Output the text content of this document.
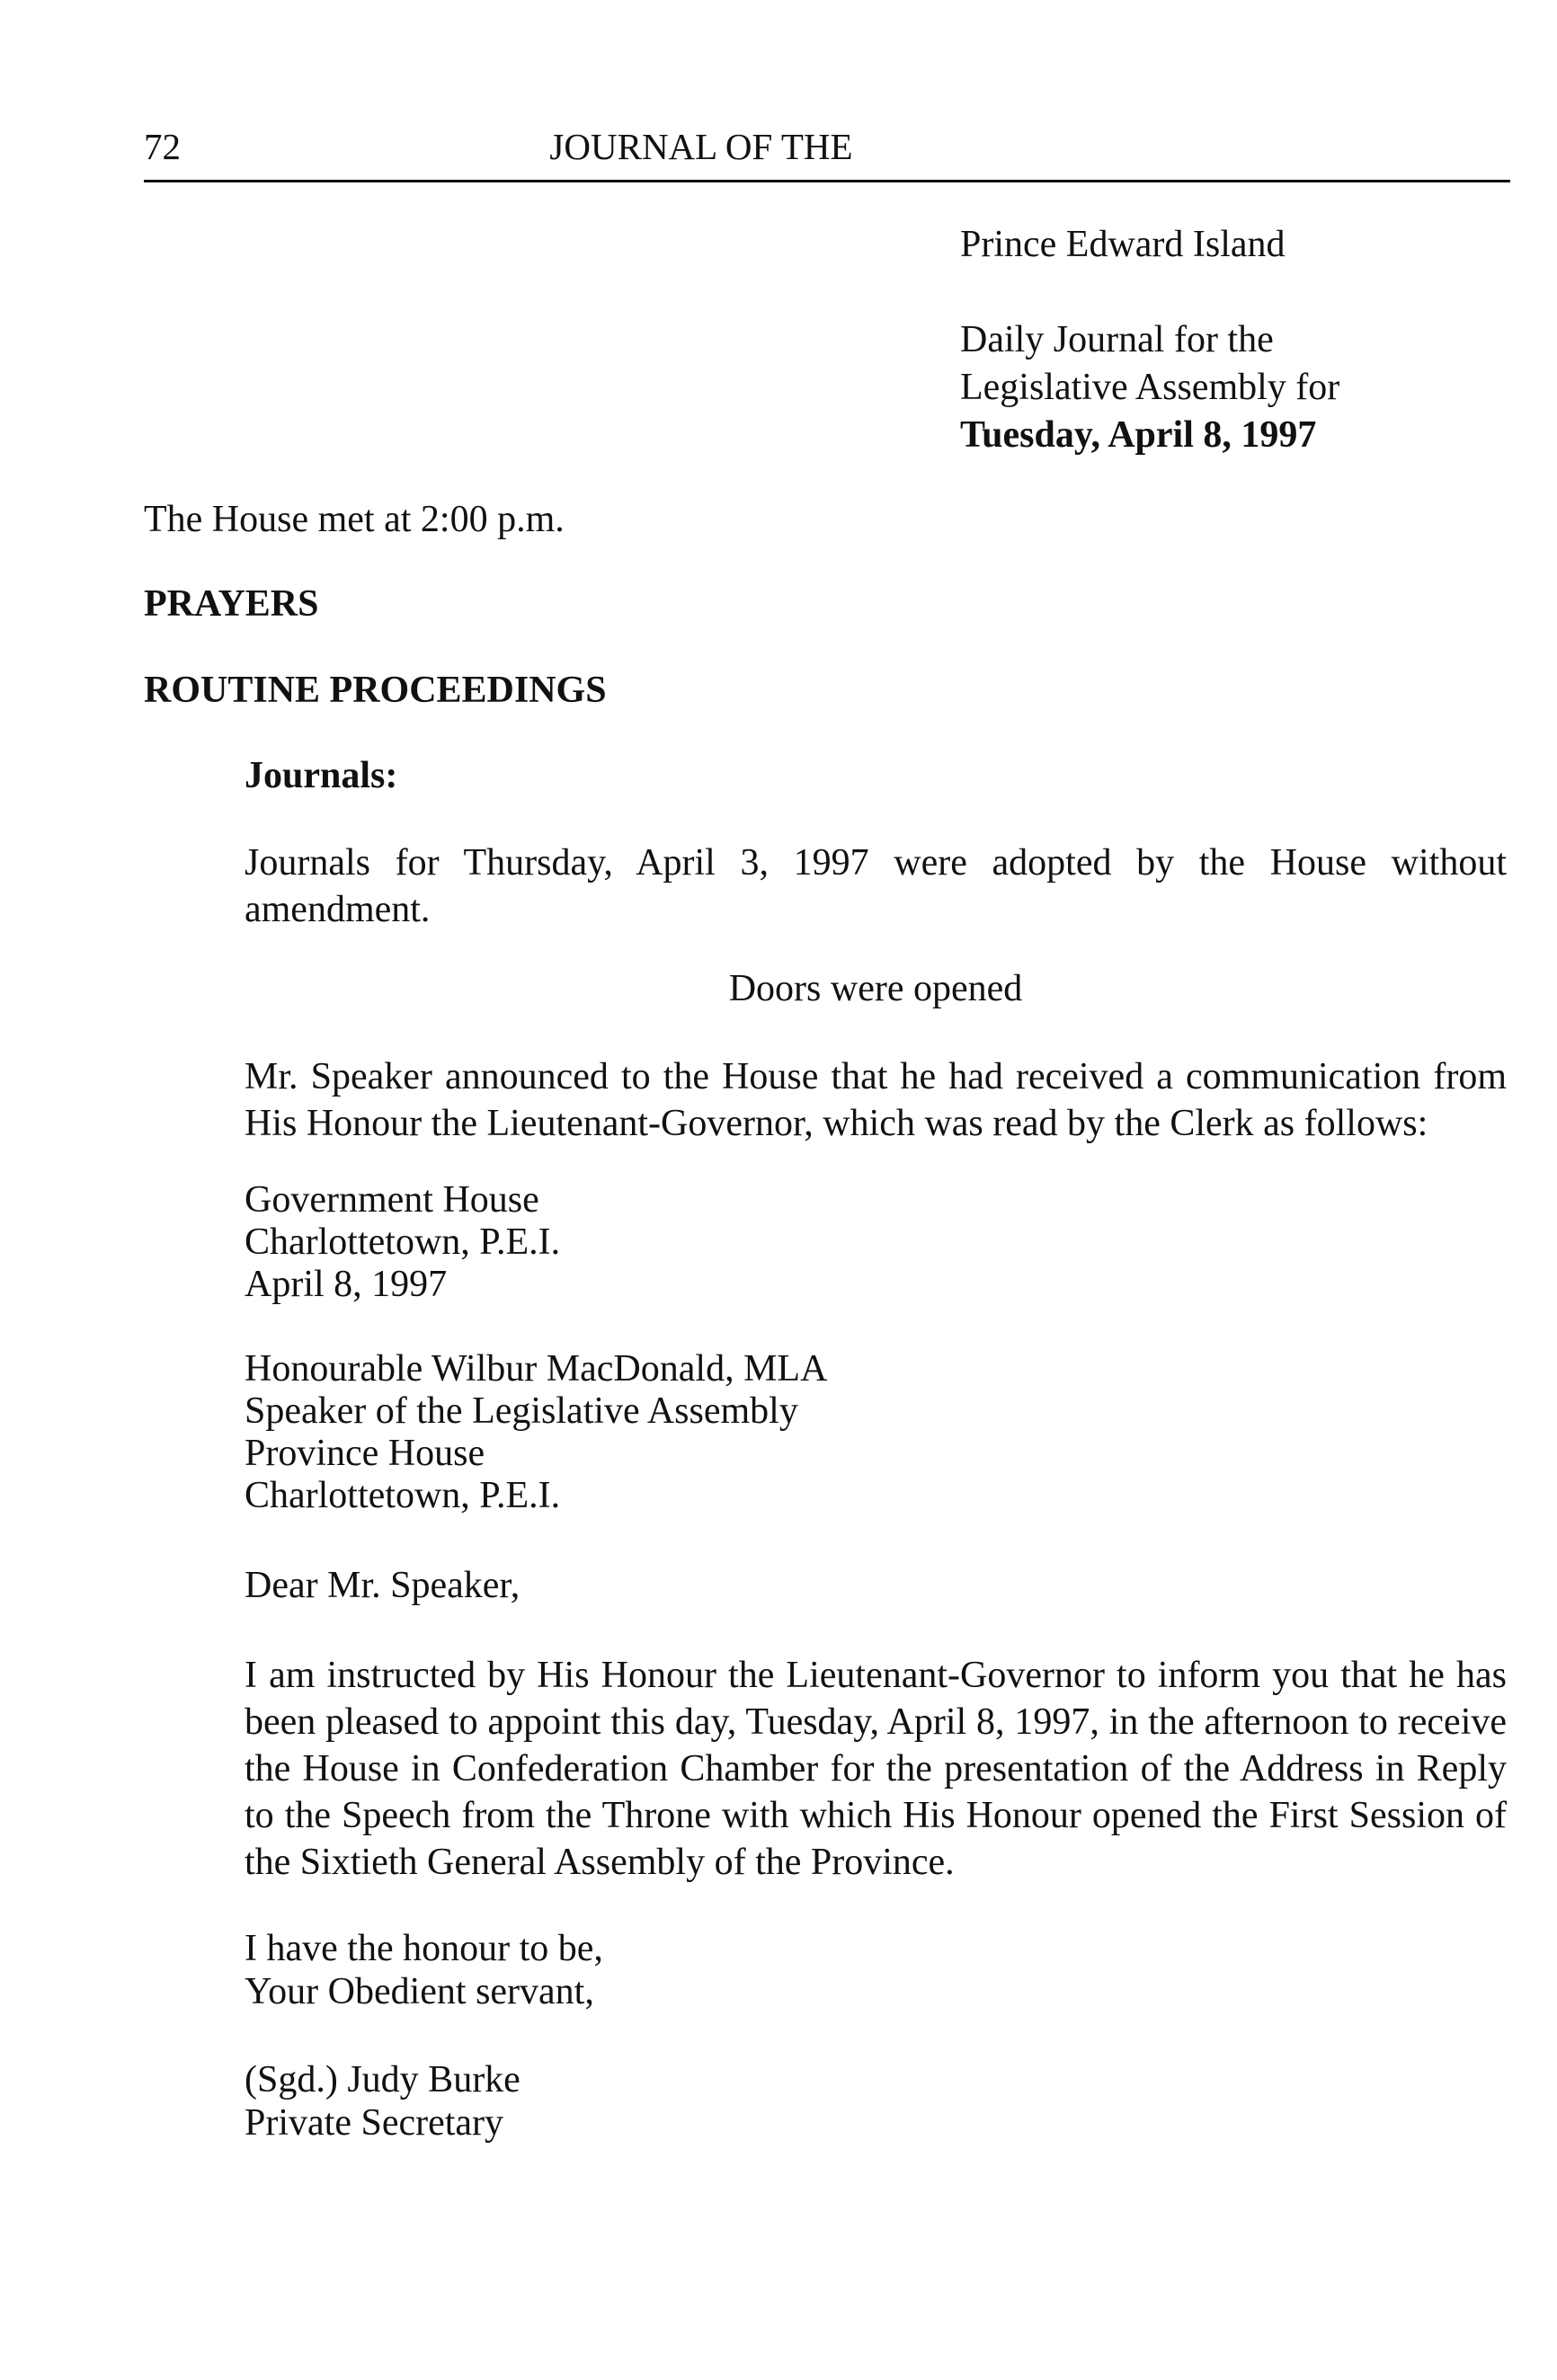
72	JOURNAL OF THE
Prince Edward Island
Daily Journal for the
Legislative Assembly for
Tuesday, April 8, 1997
The House met at 2:00 p.m.
PRAYERS
ROUTINE PROCEEDINGS
Journals:
Journals for Thursday, April 3, 1997 were adopted by the House without amendment.
Doors were opened
Mr. Speaker announced to the House that he had received a communication from His Honour the Lieutenant-Governor, which was read by the Clerk as follows:
Government House
Charlottetown, P.E.I.
April 8, 1997
Honourable Wilbur MacDonald, MLA
Speaker of the Legislative Assembly
Province House
Charlottetown, P.E.I.
Dear Mr. Speaker,
I am instructed by His Honour the Lieutenant-Governor to inform you that he has been pleased to appoint this day, Tuesday, April 8, 1997, in the afternoon to receive the House in Confederation Chamber for the presentation of the Address in Reply to the Speech from the Throne with which His Honour opened the First Session of the Sixtieth General Assembly of the Province.
I have the honour to be,
Your Obedient servant,
(Sgd.) Judy Burke
Private Secretary
